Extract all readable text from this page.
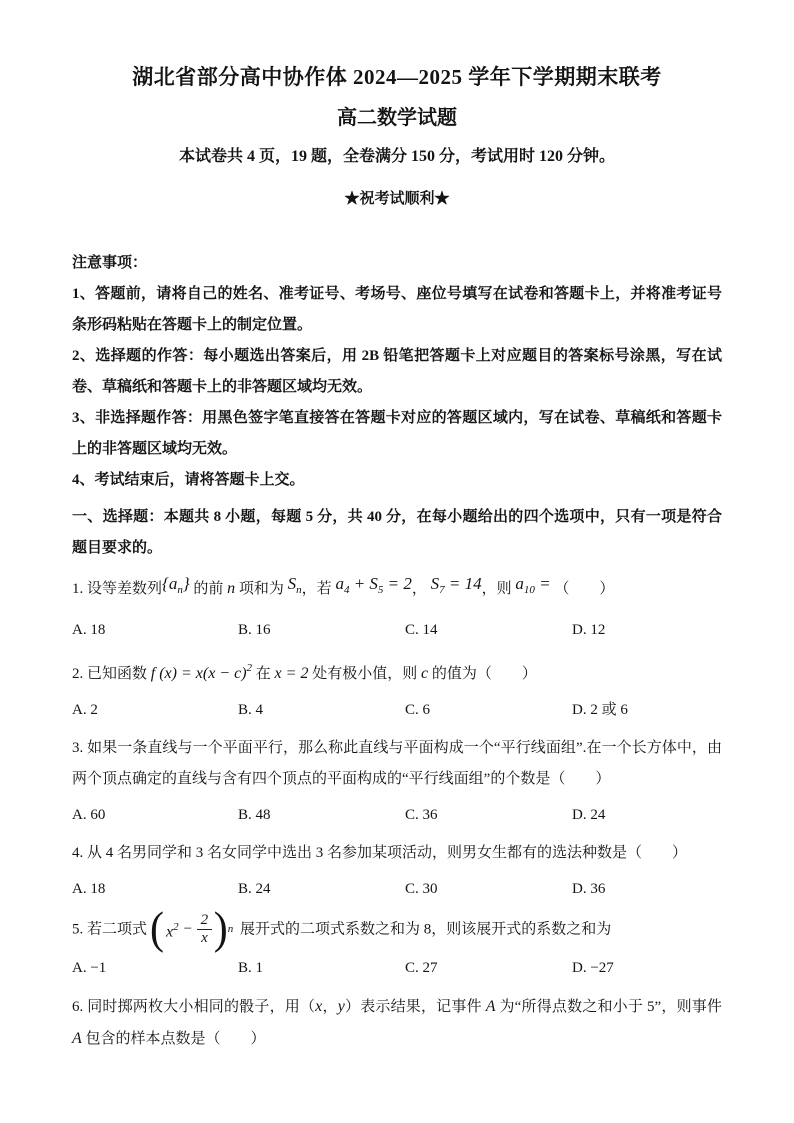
湖北省部分高中协作体 2024—2025 学年下学期期末联考

高二数学试题

本试卷共 4 页，19 题，全卷满分 150 分，考试用时 120 分钟。

★祝考试顺利★

注意事项：

1、答题前，请将自己的姓名、准考证号、考场号、座位号填写在试卷和答题卡上，并将准考证号条形码粘贴在答题卡上的制定位置。

2、选择题的作答：每小题选出答案后，用 2B 铅笔把答题卡上对应题目的答案标号涂黑，写在试卷、草稿纸和答题卡上的非答题区域均无效。

3、非选择题作答：用黑色签字笔直接答在答题卡对应的答题区域内，写在试卷、草稿纸和答题卡上的非答题区域均无效。

4、考试结束后，请将答题卡上交。

一、选择题：本题共 8 小题，每题 5 分，共 40 分，在每小题给出的四个选项中，只有一项是符合题目要求的。

1. 设等差数列{an} 的前 n 项和为 Sn，若 a4 + S5 = 2， S7 = 14，则 a10 = （　　）

A. 18	B. 16	C. 14	D. 12

2. 已知函数 f $(x) = x(x - c)^2$ 在 x = 2 处有极小值，则 c 的值为（　　）

A. 2	B. 4	C. 6	D. 2 或 6

3. 如果一条直线与一个平面平行，那么称此直线与平面构成一个“平行线面组”.在一个长方体中，由两个顶点确定的直线与含有四个顶点的平面构成的“平行线面组”的个数是（　　）

A. 60	B. 48	C. 36	D. 24

4. 从 4 名男同学和 3 名女同学中选出 3 名参加某项活动，则男女生都有的选法种数是（　　）

A. 18	B. 24	C. 30	D. 36

5. 若二项式 ( $x^2 - \frac{2}{x}$ ) n 展开式的二项式系数之和为 8，则该展开式的系数之和为

A. −1	B. 1	C. 27	D. −27

6. 同时掷两枚大小相同的骰子，用（x，y）表示结果，记事件 A 为“所得点数之和小于 5”，则事件 A 包含的样本点数是（　　）
